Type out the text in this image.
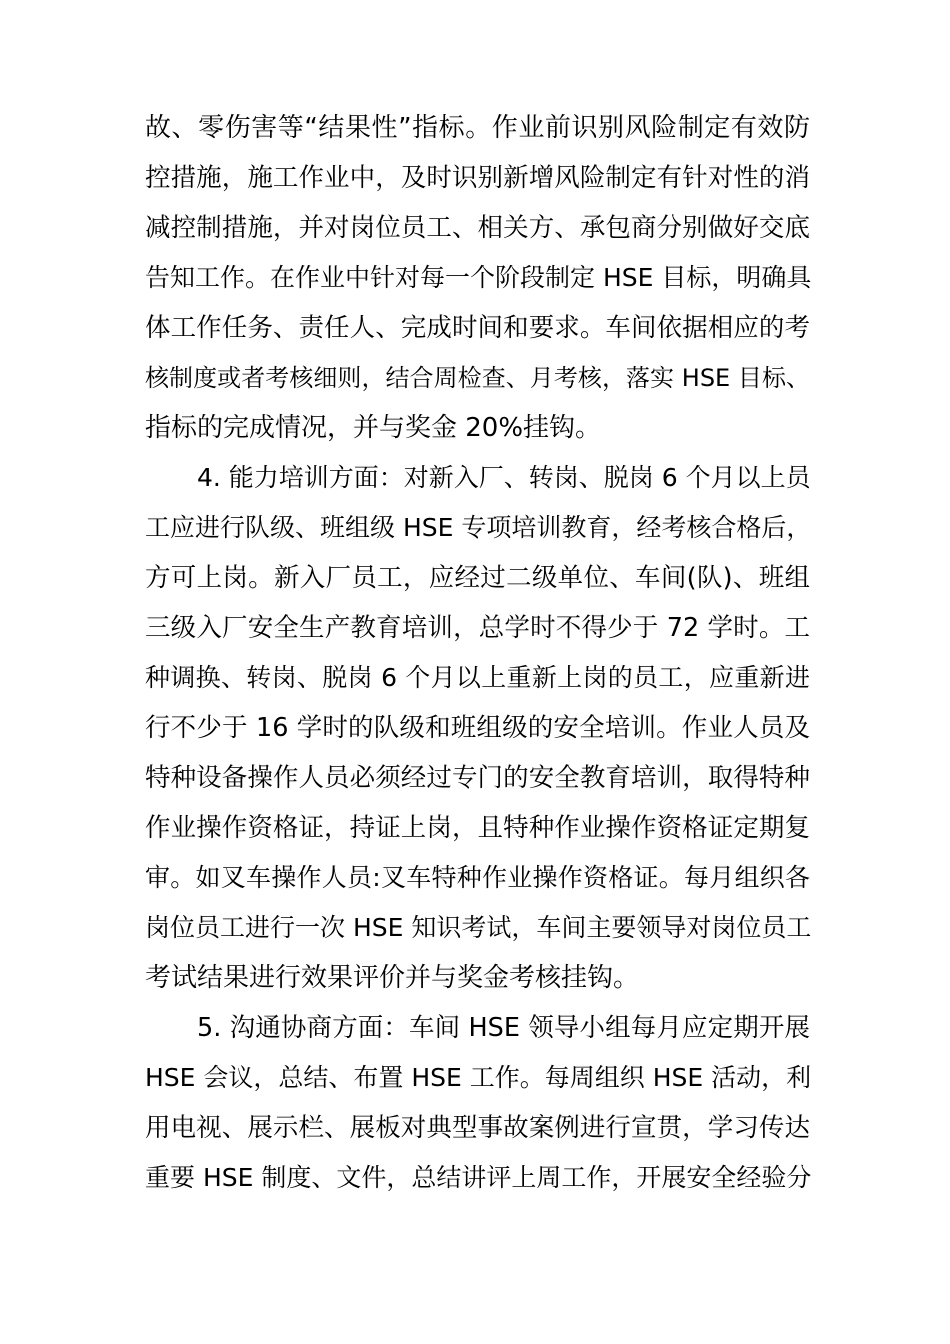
故、零伤害等“结果性”指标。作业前识别风险制定有效防
控措施，施工作业中，及时识别新增风险制定有针对性的消
减控制措施，并对岗位员工、相关方、承包商分别做好交底
告知工作。在作业中针对每一个阶段制定 HSE 目标，明确具
体工作任务、责任人、完成时间和要求。车间依据相应的考
核制度或者考核细则，结合周检查、月考核，落实 HSE 目标、
指标的完成情况，并与奖金 20%挂钩。
4. 能力培训方面：对新入厂、转岗、脱岗 6 个月以上员
工应进行队级、班组级 HSE 专项培训教育，经考核合格后，
方可上岗。新入厂员工，应经过二级单位、车间(队)、班组
三级入厂安全生产教育培训，总学时不得少于 72 学时。工
种调换、转岗、脱岗 6 个月以上重新上岗的员工，应重新进
行不少于 16 学时的队级和班组级的安全培训。作业人员及
特种设备操作人员必须经过专门的安全教育培训，取得特种
作业操作资格证，持证上岗，且特种作业操作资格证定期复
审。如叉车操作人员:叉车特种作业操作资格证。每月组织各
岗位员工进行一次 HSE 知识考试，车间主要领导对岗位员工
考试结果进行效果评价并与奖金考核挂钩。
5. 沟通协商方面：车间 HSE 领导小组每月应定期开展
HSE 会议，总结、布置 HSE 工作。每周组织 HSE 活动，利
用电视、展示栏、展板对典型事故案例进行宣贯，学习传达
重要 HSE 制度、文件，总结讲评上周工作，开展安全经验分
